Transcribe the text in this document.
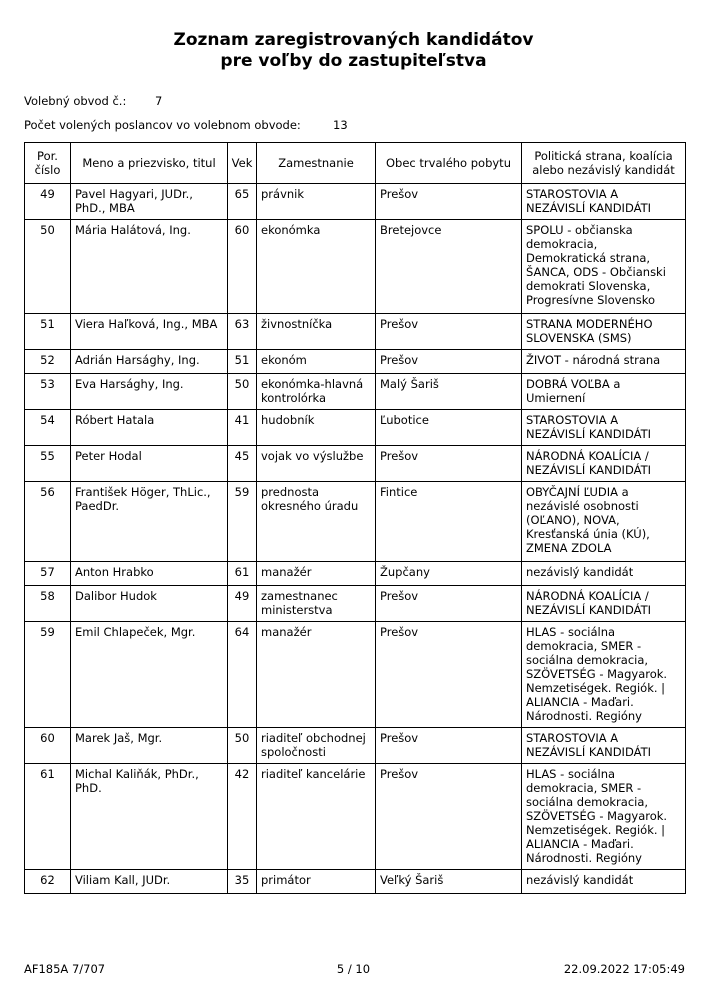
Zoznam zaregistrovaných kandidátov
pre voľby do zastupiteľstva
Volebný obvod č.: 7
Počet volených poslancov vo volebnom obvode:	13
Por. číslo	Meno a priezvisko, titul	Vek	Zamestnanie	Obec trvalého pobytu	Politická strana, koalícia alebo nezávislý kandidát
49	Pavel Hagyari, JUDr., PhD., MBA	65	právnik	Prešov	STAROSTOVIA A NEZÁVISLÍ KANDIDÁTI
50	Mária Halátová, Ing.	60	ekonómka	Bretejovce	SPOLU - občianska demokracia, Demokratická strana, ŠANCA, ODS - Občianski demokrati Slovenska, Progresívne Slovensko
51	Viera Haľková, Ing., MBA	63	živnostníčka	Prešov	STRANA MODERNÉHO SLOVENSKA (SMS)
52	Adrián Harsághy, Ing.	51	ekonóm	Prešov	ŽIVOT - národná strana
53	Eva Harsághy, Ing.	50	ekonómka-hlavná kontrolórka	Malý Šariš	DOBRÁ VOĽBA a Umiernení
54	Róbert Hatala	41	hudobník	Ľubotice	STAROSTOVIA A NEZÁVISLÍ KANDIDÁTI
55	Peter Hodal	45	vojak vo výslužbe	Prešov	NÁRODNÁ KOALÍCIA / NEZÁVISLÍ KANDIDÁTI
56	František Höger, ThLic., PaedDr.	59	prednosta okresného úradu	Fintice	OBYČAJNÍ ĽUDIA a nezávislé osobnosti (OĽANO), NOVA, Kresťanská únia (KÚ), ZMENA ZDOLA
57	Anton Hrabko	61	manažér	Župčany	nezávislý kandidát
58	Dalibor Hudok	49	zamestnanec ministerstva	Prešov	NÁRODNÁ KOALÍCIA / NEZÁVISLÍ KANDIDÁTI
59	Emil Chlapeček, Mgr.	64	manažér	Prešov	HLAS - sociálna demokracia, SMER - sociálna demokracia, SZÖVETSÉG - Magyarok. Nemzetiségek. Regiók. | ALIANCIA - Maďari. Národnosti. Regióny
60	Marek Jaš, Mgr.	50	riaditeľ obchodnej spoločnosti	Prešov	STAROSTOVIA A NEZÁVISLÍ KANDIDÁTI
61	Michal Kaliňák, PhDr., PhD.	42	riaditeľ kancelárie	Prešov	HLAS - sociálna demokracia, SMER - sociálna demokracia, SZÖVETSÉG - Magyarok. Nemzetiségek. Regiók. | ALIANCIA - Maďari. Národnosti. Regióny
62	Viliam Kall, JUDr.	35	primátor	Veľký Šariš	nezávislý kandidát
AF185A 7/707	5 / 10	22.09.2022 17:05:49
